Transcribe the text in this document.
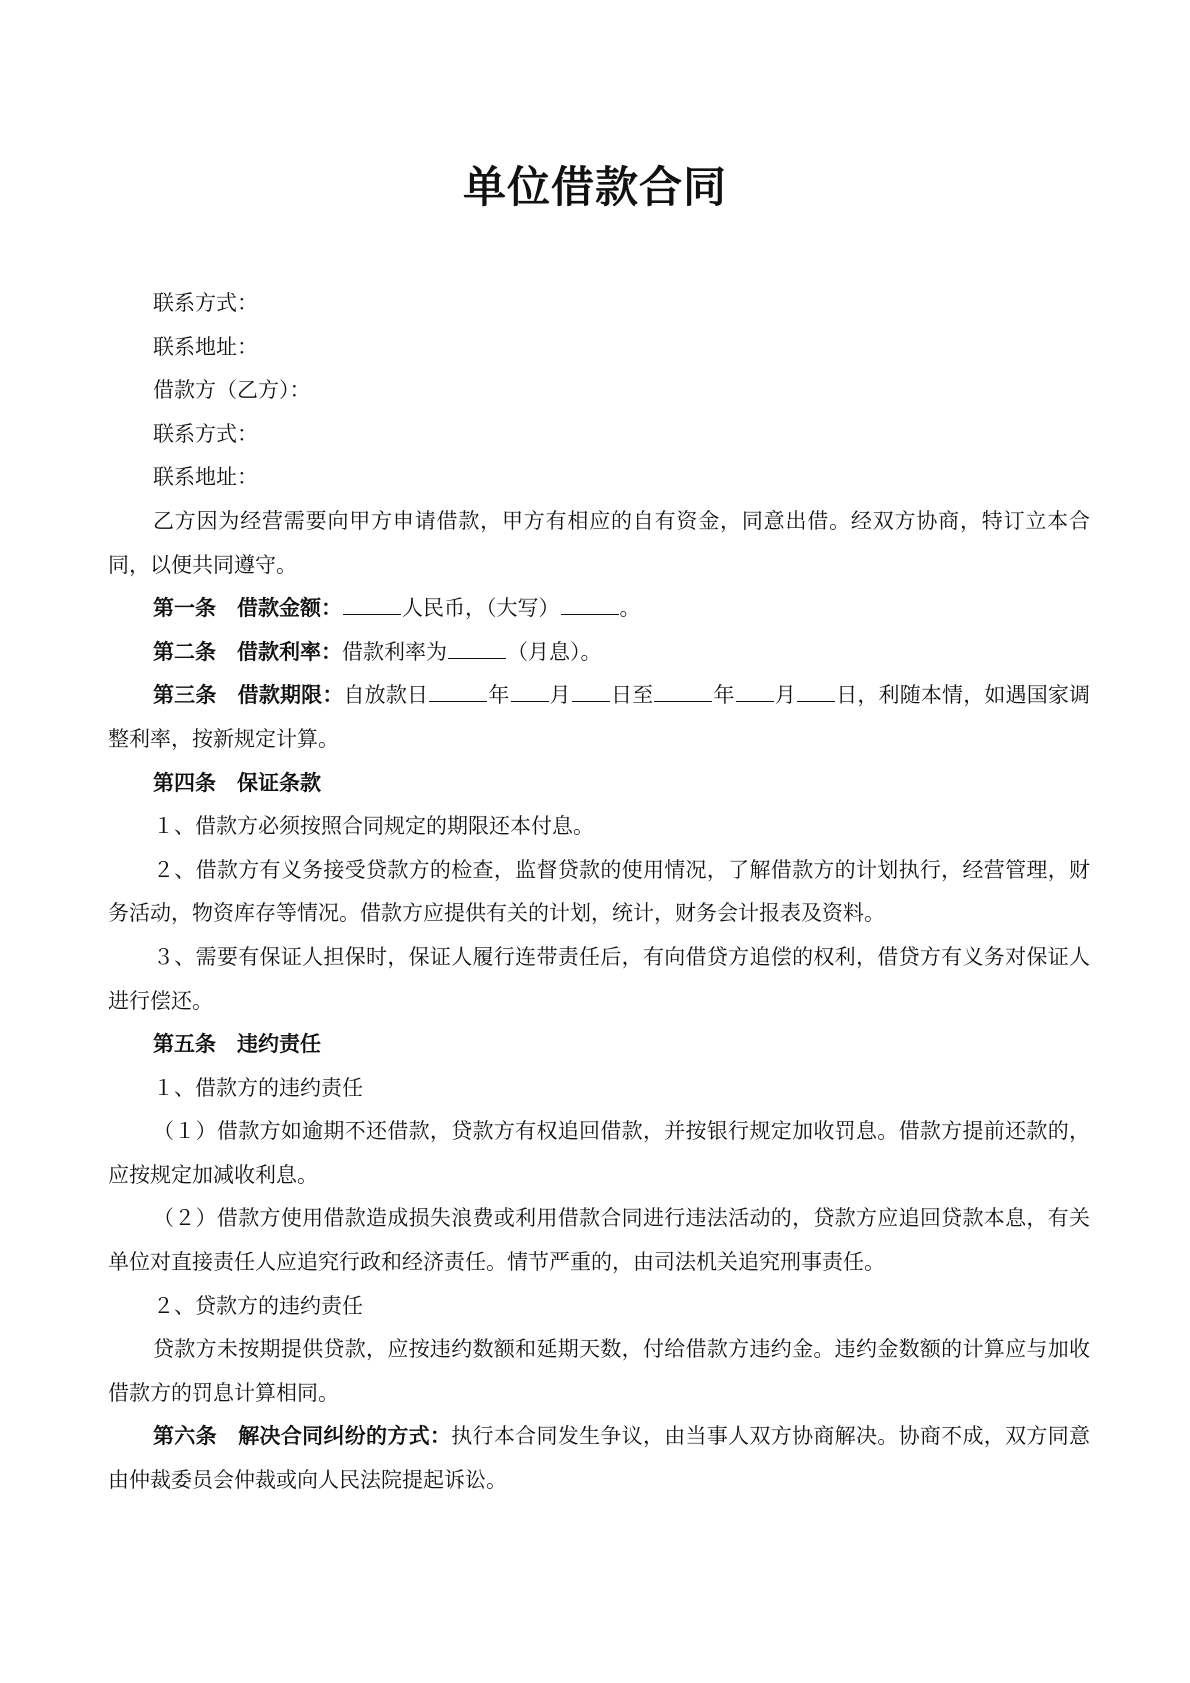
单位借款合同

联系方式：

联系地址：

借款方（乙方）：

联系方式：

联系地址：

乙方因为经营需要向甲方申请借款，甲方有相应的自有资金，同意出借。经双方协商，特订立本合同，以便共同遵守。

第一条　借款金额：	人民币，（大写）	。

第二条　借款利率：借款利率为	（月息）。

第三条　借款期限：自放款日	年 月 日至	年 月 日，利随本情，如遇国家调整利率，按新规定计算。

第四条　保证条款

１、借款方必须按照合同规定的期限还本付息。

２、借款方有义务接受贷款方的检查，监督贷款的使用情况，了解借款方的计划执行，经营管理，财务活动，物资库存等情况。借款方应提供有关的计划，统计，财务会计报表及资料。

３、需要有保证人担保时，保证人履行连带责任后，有向借贷方追偿的权利，借贷方有义务对保证人进行偿还。

第五条　违约责任

１、借款方的违约责任

（１）借款方如逾期不还借款，贷款方有权追回借款，并按银行规定加收罚息。借款方提前还款的，应按规定加减收利息。

（２）借款方使用借款造成损失浪费或利用借款合同进行违法活动的，贷款方应追回贷款本息，有关单位对直接责任人应追究行政和经济责任。情节严重的，由司法机关追究刑事责任。

２、贷款方的违约责任

贷款方未按期提供贷款，应按违约数额和延期天数，付给借款方违约金。违约金数额的计算应与加收借款方的罚息计算相同。

第六条　解决合同纠纷的方式：执行本合同发生争议，由当事人双方协商解决。协商不成，双方同意由仲裁委员会仲裁或向人民法院提起诉讼。
